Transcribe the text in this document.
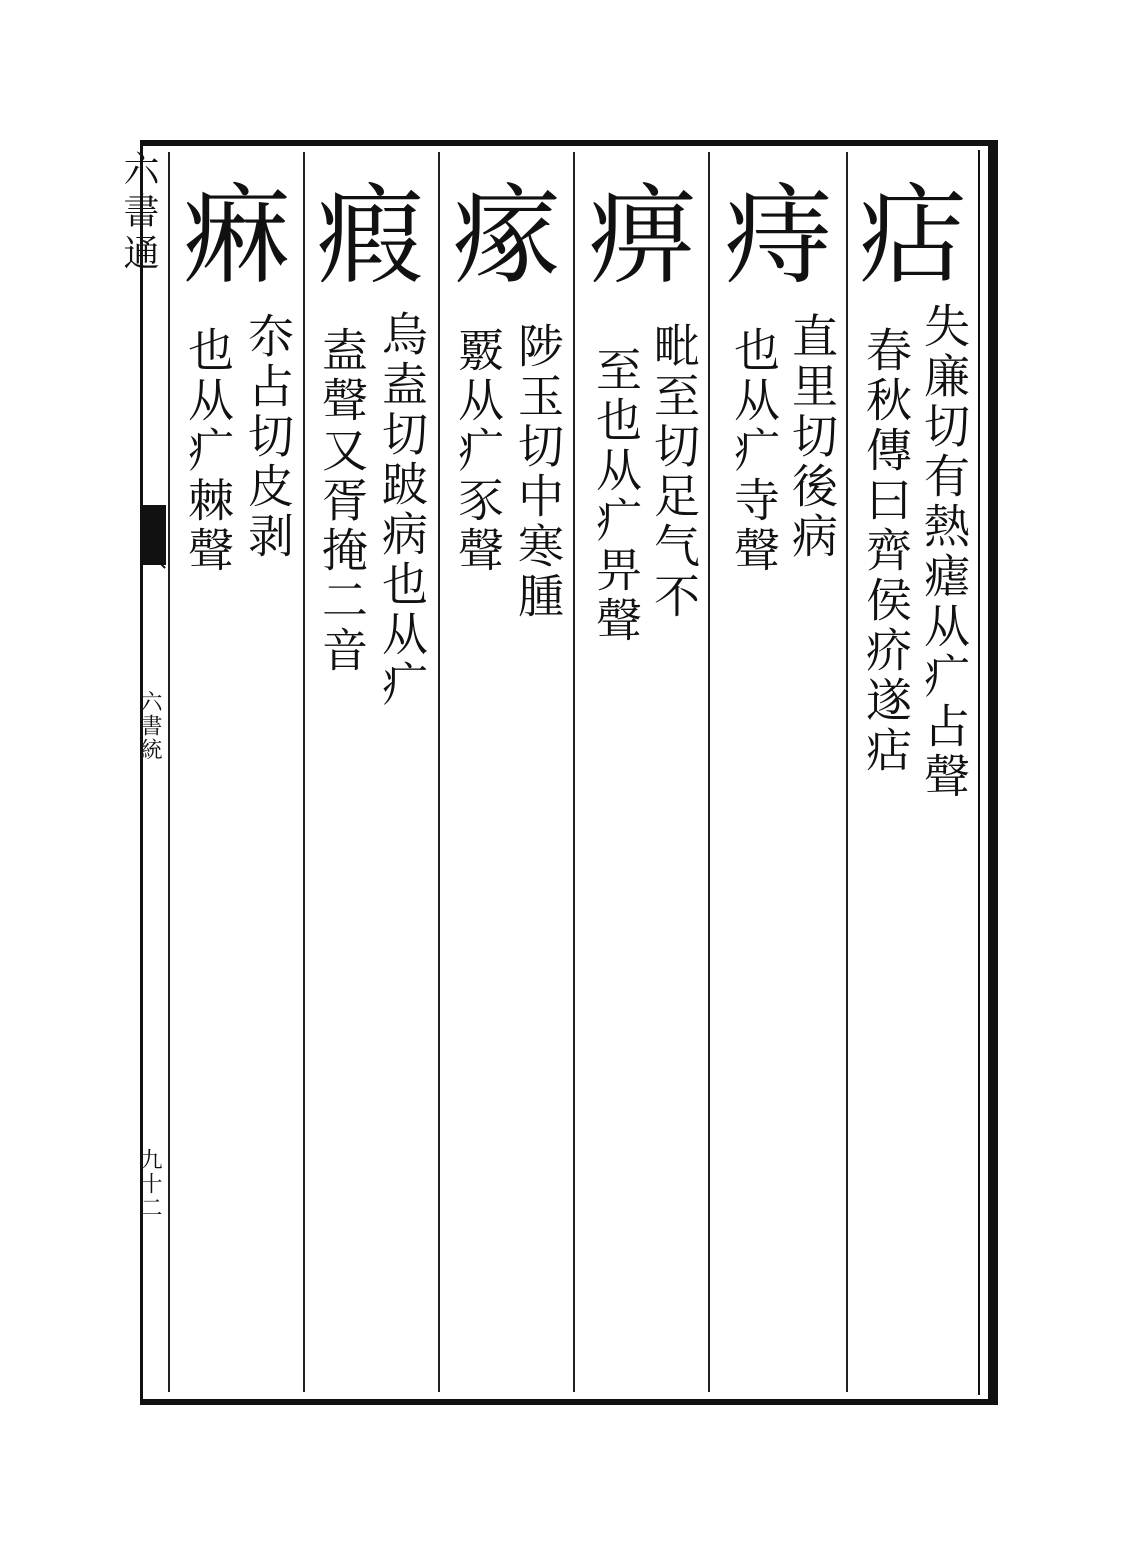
六書通
六書統
九十二
痁
失廉切有熱瘧从疒占聲
春秋傳曰齊侯疥遂痁
痔
直里切後病
也从疒寺聲
痹
毗至切足气不
至也从疒畀聲
瘃
陟玉切中寒腫
覈从疒豕聲
瘕
烏盍切跛病也从疒
盍聲又胥掩二音
痳
夵占切皮剥
也从疒棘聲
